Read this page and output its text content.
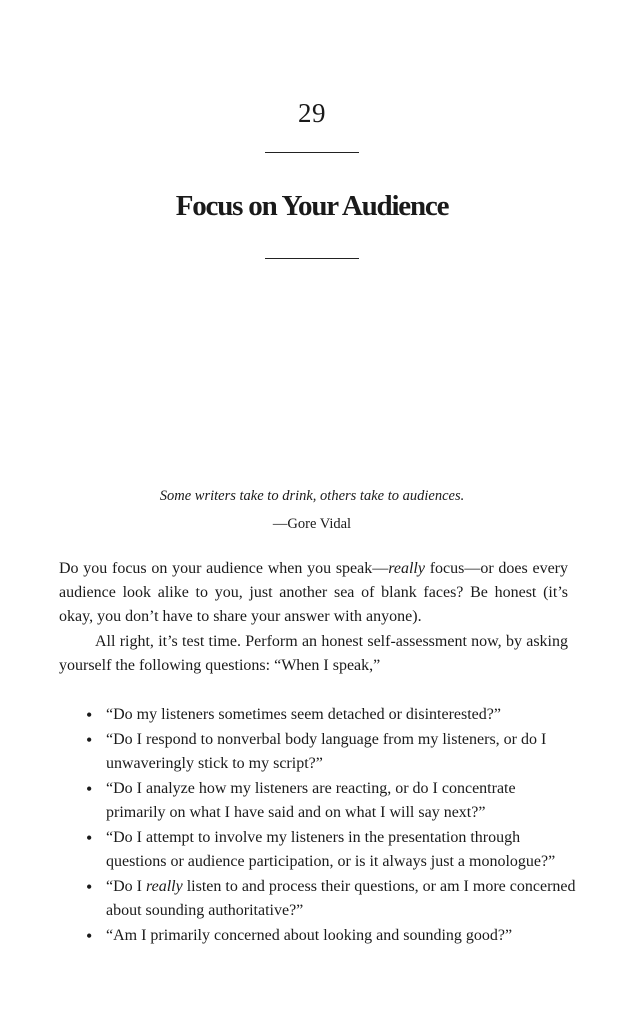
29
Focus on Your Audience
Some writers take to drink, others take to audiences.
—Gore Vidal

Do you focus on your audience when you speak—really focus—or does every audience look alike to you, just another sea of blank faces? Be honest (it’s okay, you don’t have to share your answer with anyone).

All right, it’s test time. Perform an honest self-assessment now, by asking yourself the following questions: “When I speak,”

• “Do my listeners sometimes seem detached or disinterested?”
• “Do I respond to nonverbal body language from my listeners, or do I unwaveringly stick to my script?”
• “Do I analyze how my listeners are reacting, or do I concentrate primarily on what I have said and on what I will say next?”
• “Do I attempt to involve my listeners in the presentation through questions or audience participation, or is it always just a monologue?”
• “Do I really listen to and process their questions, or am I more concerned about sounding authoritative?”
• “Am I primarily concerned about looking and sounding good?”
